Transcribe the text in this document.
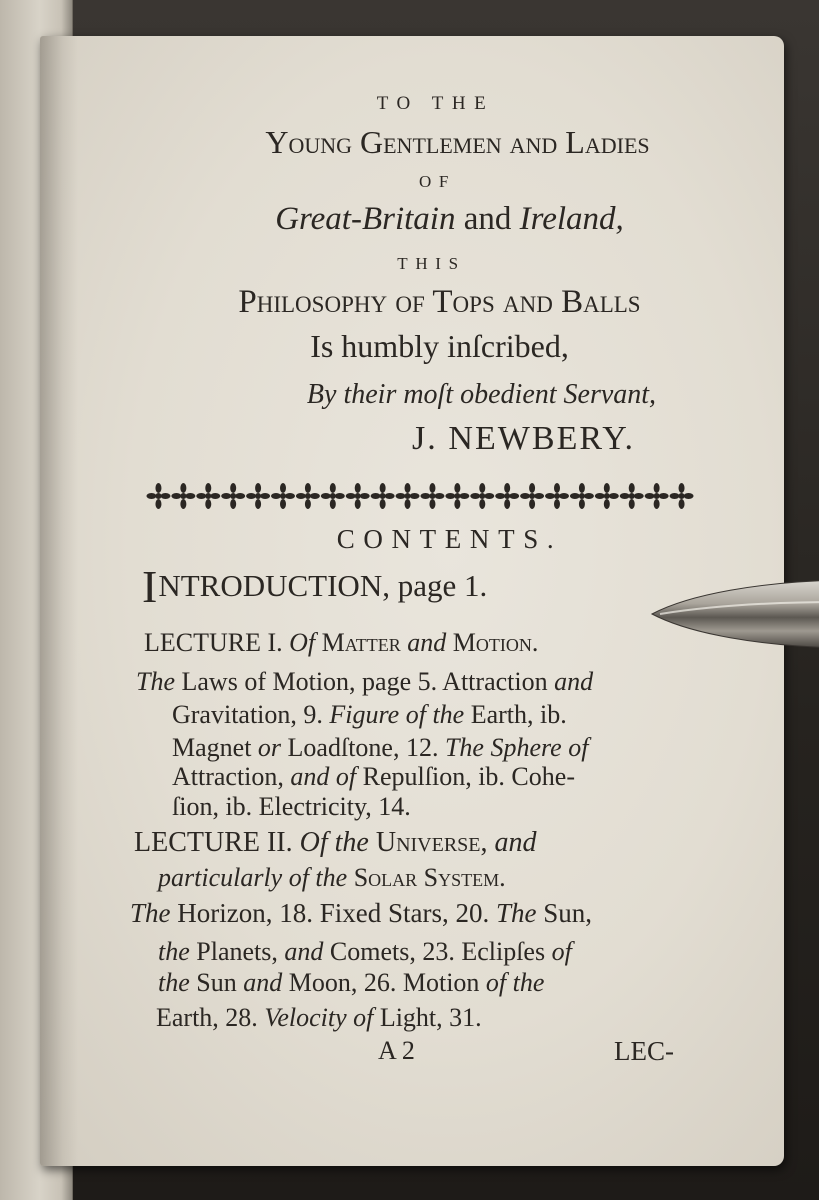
TO THE
Young Gentlemen and Ladies
OF
Great-Britain and Ireland,
THIS
Philosophy of Tops and Balls
Is humbly inſcribed,
By their moſt obedient Servant,
J. NEWBERY.
CONTENTS.
INTRODUCTION, page 1.
LECTURE I. Of Matter and Motion.
The Laws of Motion, page 5. Attraction and
Gravitation, 9. Figure of the Earth, ib.
Magnet or Loadſtone, 12. The Sphere of
Attraction, and of Repulſion, ib. Cohe-
ſion, ib. Electricity, 14.
LECTURE II. Of the Universe, and
particularly of the Solar System.
The Horizon, 18. Fixed Stars, 20. The Sun,
the Planets, and Comets, 23. Eclipſes of
the Sun and Moon, 26. Motion of the
Earth, 28. Velocity of Light, 31.
A 2	LEC-
